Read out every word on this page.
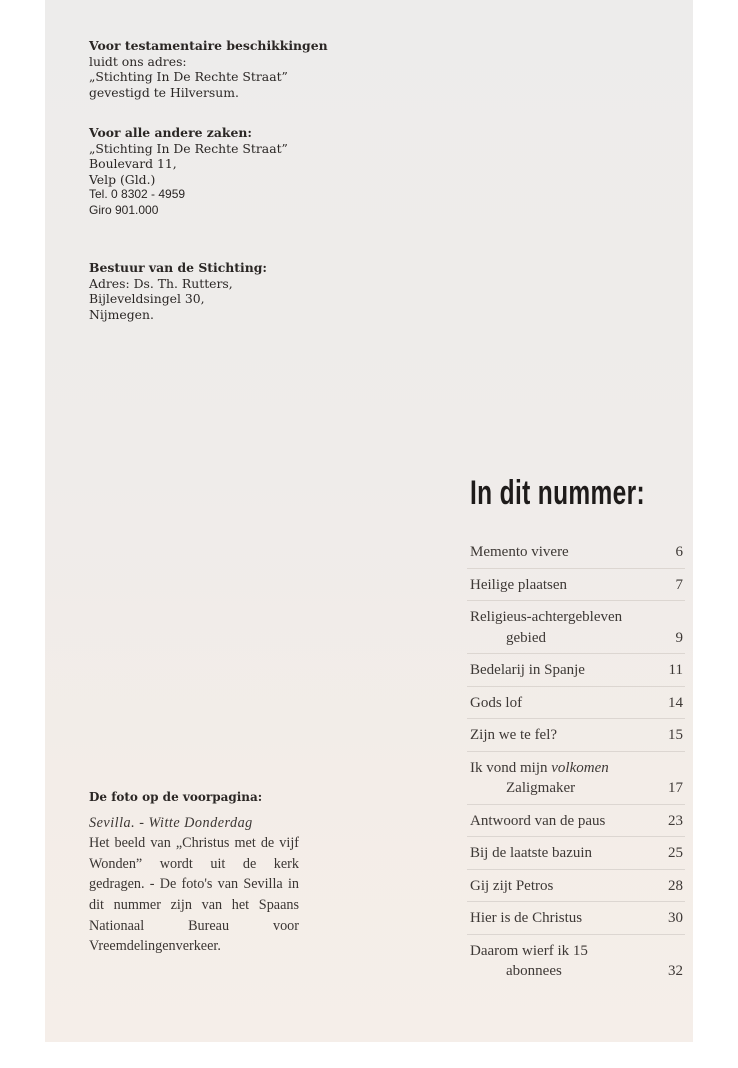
Voor testamentaire beschikkingen
luidt ons adres:
„Stichting In De Rechte Straat”
gevestigd te Hilversum.
Voor alle andere zaken:
„Stichting In De Rechte Straat”
Boulevard 11,
Velp (Gld.)
Tel. 0 8302 - 4959
Giro 901.000
Bestuur van de Stichting:
Adres: Ds. Th. Rutters,
Bijleveldsingel 30,
Nijmegen.
De foto op de voorpagina:

Sevilla. - Witte Donderdag
Het beeld van „Christus met de vijf Wonden” wordt uit de kerk gedragen. - De foto's van Sevilla in dit nummer zijn van het Spaans Nationaal Bureau voor Vreemdelingenverkeer.

In dit nummer:
Memento vivere	6
Heilige plaatsen	7
Religieus-achtergebleven
gebied	9
Bedelarij in Spanje	11
Gods lof	14
Zijn we te fel?	15
Ik vond mijn volkomen
Zaligmaker	17
Antwoord van de paus	23
Bij de laatste bazuin	25
Gij zijt Petros	28
Hier is de Christus	30
Daarom wierf ik 15
abonnees	32
